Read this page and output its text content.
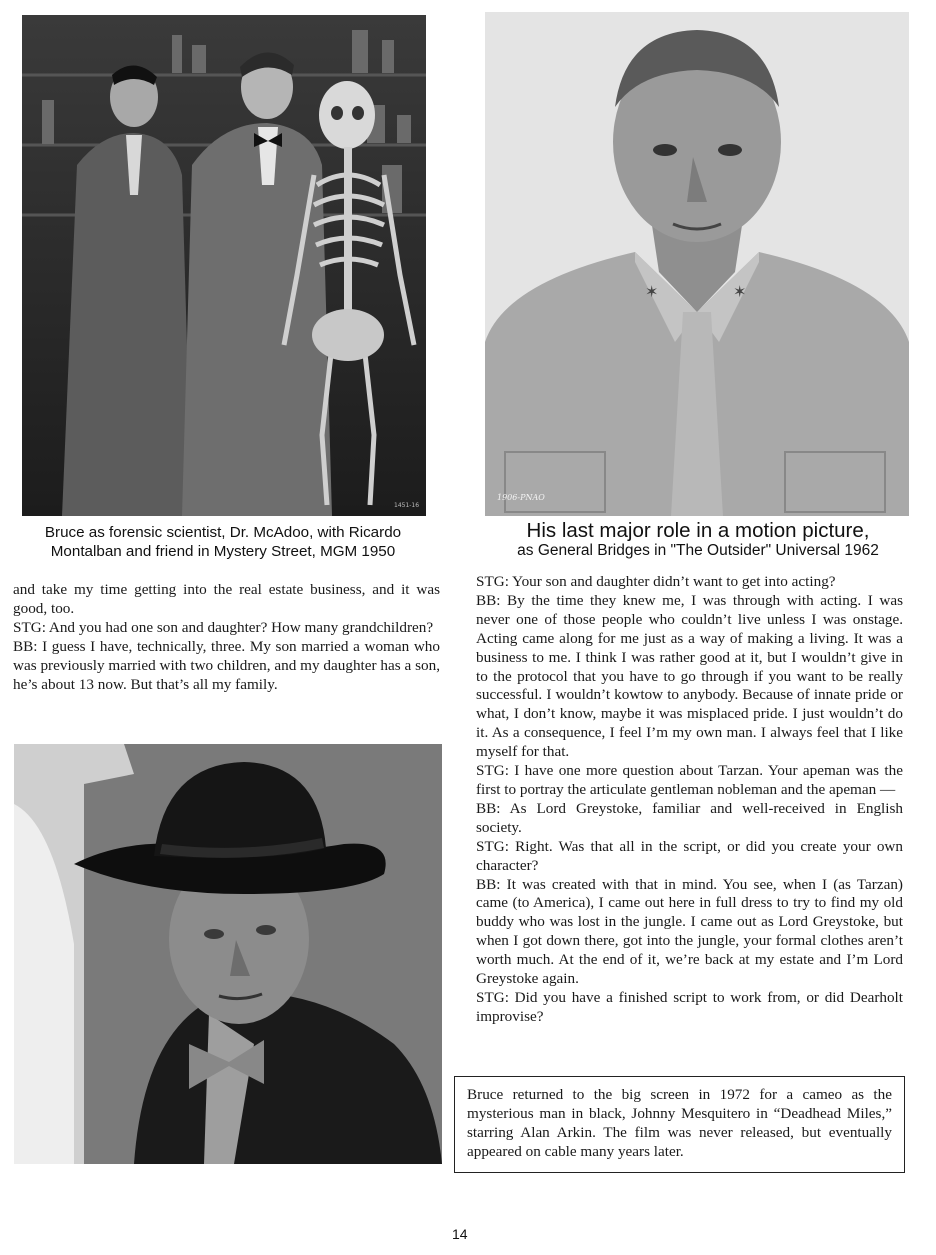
1451-16
✶	✶
1906-PNAO
Bruce as forensic scientist, Dr. McAdoo, with Ricardo
Montalban and friend in Mystery Street, MGM 1950
His last major role in a motion picture,
as General Bridges in "The Outsider" Universal 1962

and take my time getting into the real estate business, and it was good, too.

STG: And you had one son and daughter? How many grandchildren?

BB: I guess I have, technically, three. My son married a woman who was previously married with two children, and my daughter has a son, he’s about 13 now. But that’s all my family.

STG: Your son and daughter didn’t want to get into acting?

BB: By the time they knew me, I was through with acting. I was never one of those people who couldn’t live unless I was onstage. Acting came along for me just as a way of making a living. It was a business to me. I think I was rather good at it, but I wouldn’t give in to the protocol that you have to go through if you want to be really successful. I wouldn’t kowtow to anybody. Because of innate pride or what, I don’t know, maybe it was misplaced pride. I just wouldn’t do it. As a consequence, I feel I’m my own man. I always feel that I like myself for that.

STG: I have one more question about Tarzan. Your apeman was the first to portray the articulate gentleman nobleman and the apeman —

BB: As Lord Greystoke, familiar and well-received in English society.

STG: Right. Was that all in the script, or did you create your own character?

BB: It was created with that in mind. You see, when I (as Tarzan) came (to America), I came out here in full dress to try to find my old buddy who was lost in the jungle. I came out as Lord Greystoke, but when I got down there, got into the jungle, your formal clothes aren’t worth much. At the end of it, we’re back at my estate and I’m Lord Greystoke again.

STG: Did you have a finished script to work from, or did Dearholt improvise?

Bruce returned to the big screen in 1972 for a cameo as the mysterious man in black, Johnny Mesquitero in “Deadhead Miles,” starring Alan Arkin. The film was never released, but eventually appeared on cable many years later.

14
